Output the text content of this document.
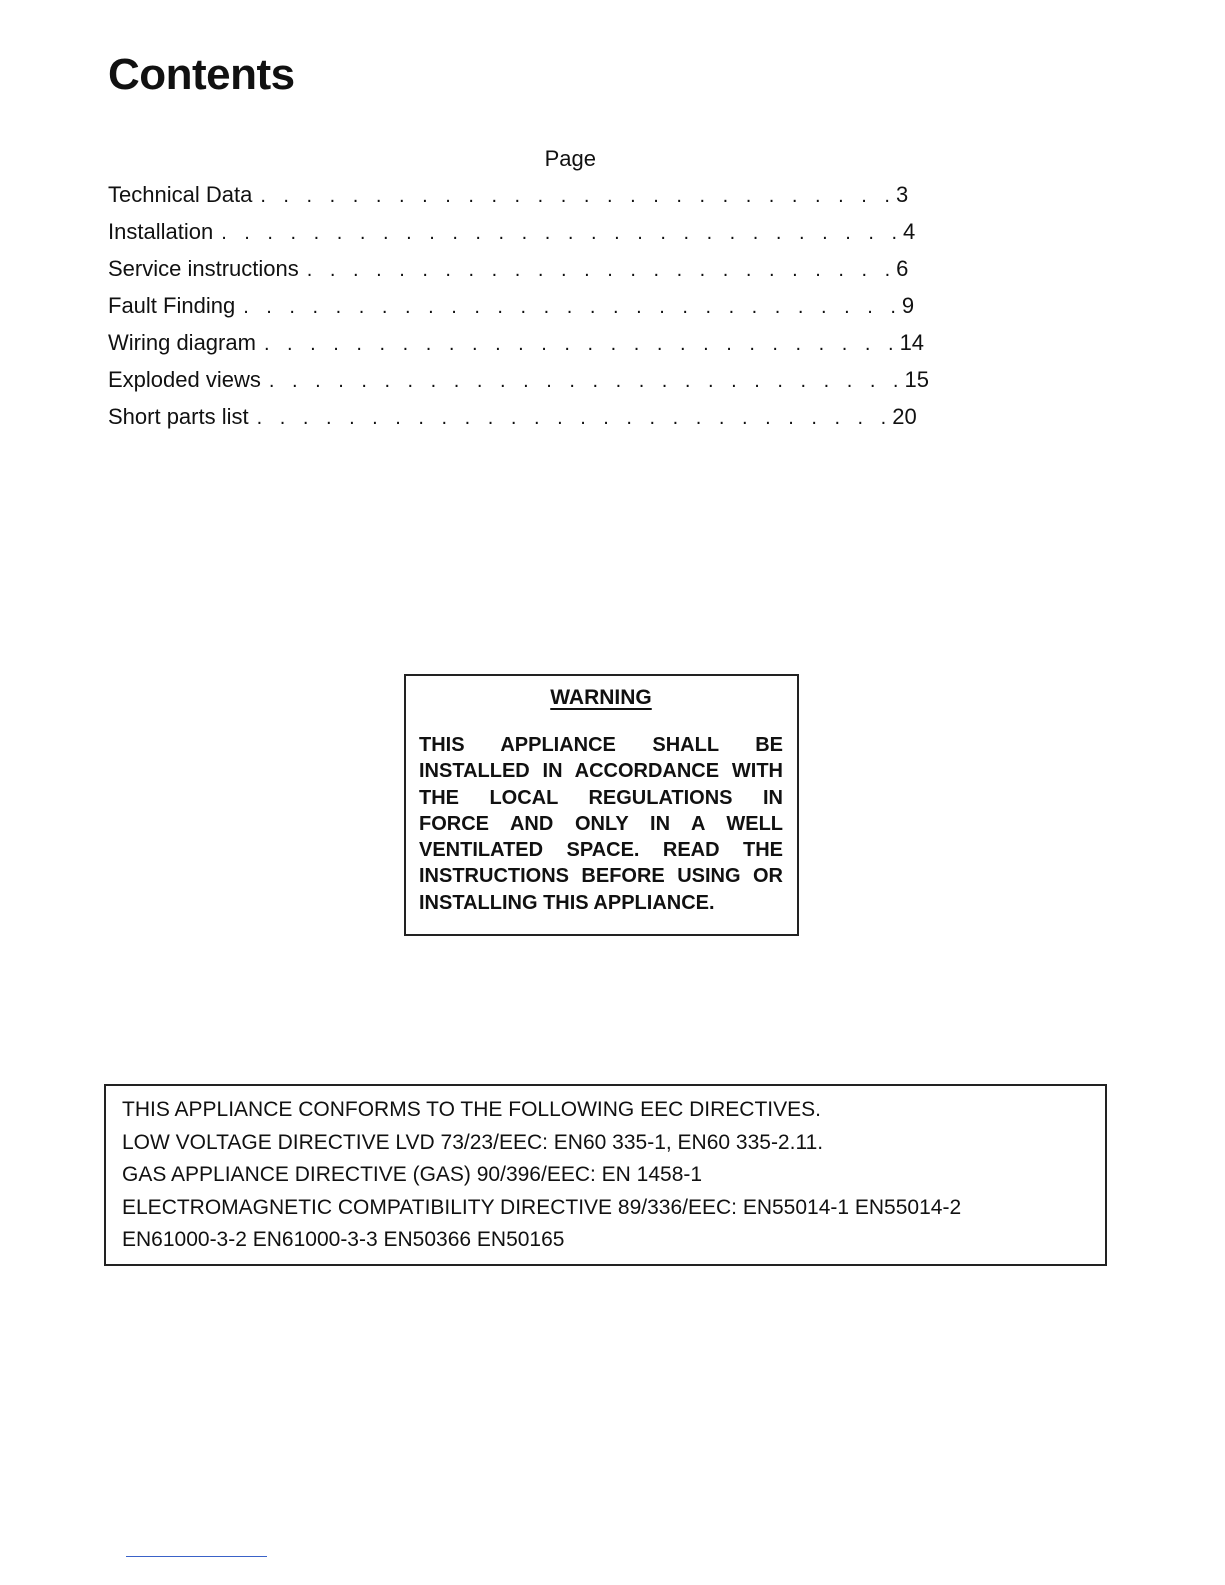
Contents
Page
Technical Data . . . . . . . . . . . . . . . . . . . . . . . . . . . . 3
Installation . . . . . . . . . . . . . . . . . . . . . . . . . . . . . . 4
Service instructions . . . . . . . . . . . . . . . . . . . . . . . . . . 6
Fault Finding . . . . . . . . . . . . . . . . . . . . . . . . . . . . . 9
Wiring diagram . . . . . . . . . . . . . . . . . . . . . . . . . . . . 14
Exploded views . . . . . . . . . . . . . . . . . . . . . . . . . . . . 15
Short parts list . . . . . . . . . . . . . . . . . . . . . . . . . . . . 20
WARNING

THIS APPLIANCE SHALL BE INSTALLED IN ACCORDANCE WITH THE LOCAL REGULATIONS IN FORCE AND ONLY IN A WELL VENTILATED SPACE. READ THE INSTRUCTIONS BEFORE USING OR INSTALLING THIS APPLIANCE.

THIS APPLIANCE CONFORMS TO THE FOLLOWING EEC DIRECTIVES.

LOW VOLTAGE DIRECTIVE LVD 73/23/EEC: EN60 335-1, EN60 335-2.11.

GAS APPLIANCE DIRECTIVE (GAS) 90/396/EEC: EN 1458-1

ELECTROMAGNETIC COMPATIBILITY DIRECTIVE 89/336/EEC: EN55014-1 EN55014-2

EN61000-3-2 EN61000-3-3 EN50366 EN50165
